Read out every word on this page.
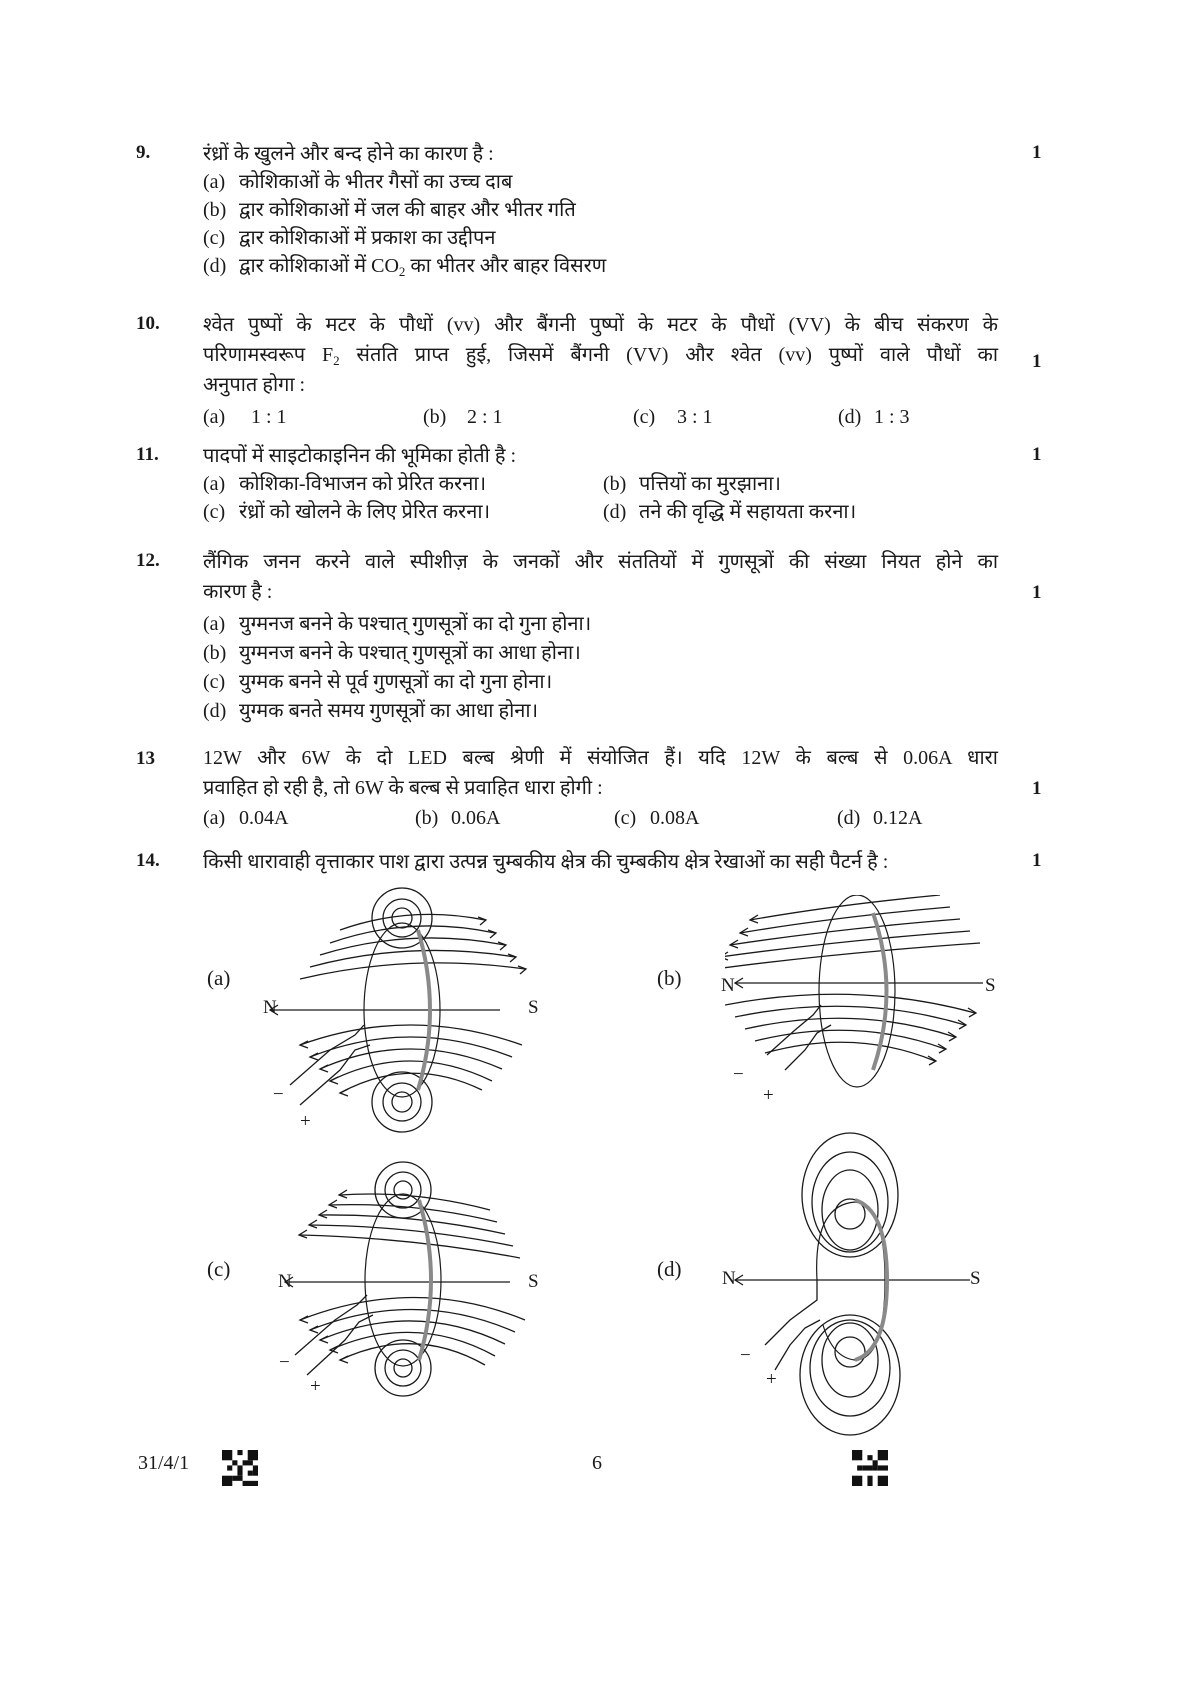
9.	रंध्रों के खुलने और बन्द होने का कारण है :	1
(a) कोशिकाओं के भीतर गैसों का उच्च दाब
(b) द्वार कोशिकाओं में जल की बाहर और भीतर गति
(c) द्वार कोशिकाओं में प्रकाश का उद्दीपन
(d) द्वार कोशिकाओं में $CO_2$ का भीतर और बाहर विसरण
10. श्वेत पुष्पों के मटर के पौधों (vv) और बैंगनी पुष्पों के मटर के पौधों (VV) के बीच संकरण के
परिणामस्वरूप $F_2$ संतति प्राप्त हुई, जिसमें बैंगनी (VV) और श्वेत (vv) पुष्पों वाले पौधों का
अनुपात होगा :
1
(a) 1 : 1	(b) 2 : 1	(c) 3 : 1	(d) 1 : 3
11. पादपों में साइटोकाइनिन की भूमिका होती है :	1
(a) कोशिका-विभाजन को प्रेरित करना।	(b) पत्तियों का मुरझाना।
(c) रंध्रों को खोलने के लिए प्रेरित करना।	(d) तने की वृद्धि में सहायता करना।
12. लैंगिक जनन करने वाले स्पीशीज़ के जनकों और संततियों में गुणसूत्रों की संख्या नियत होने का
कारण है :	1
(a) युग्मनज बनने के पश्चात् गुणसूत्रों का दो गुना होना।
(b) युग्मनज बनने के पश्चात् गुणसूत्रों का आधा होना।
(c) युग्मक बनने से पूर्व गुणसूत्रों का दो गुना होना।
(d) युग्मक बनते समय गुणसूत्रों का आधा होना।
13 12W और 6W के दो LED बल्ब श्रेणी में संयोजित हैं। यदि 12W के बल्ब से 0.06A धारा
प्रवाहित हो रही है, तो 6W के बल्ब से प्रवाहित धारा होगी :	1
(a) 0.04A	(b) 0.06A	(c) 0.08A	(d) 0.12A
14. किसी धारावाही वृत्ताकार पाश द्वारा उत्पन्न चुम्बकीय क्षेत्र की चुम्बकीय क्षेत्र रेखाओं का सही पैटर्न है :	1
(a)
N	S
−
+
(b) N	S
−
+
(c)
N	S
−
+
(d) N	S
−
+
31/4/1	6
